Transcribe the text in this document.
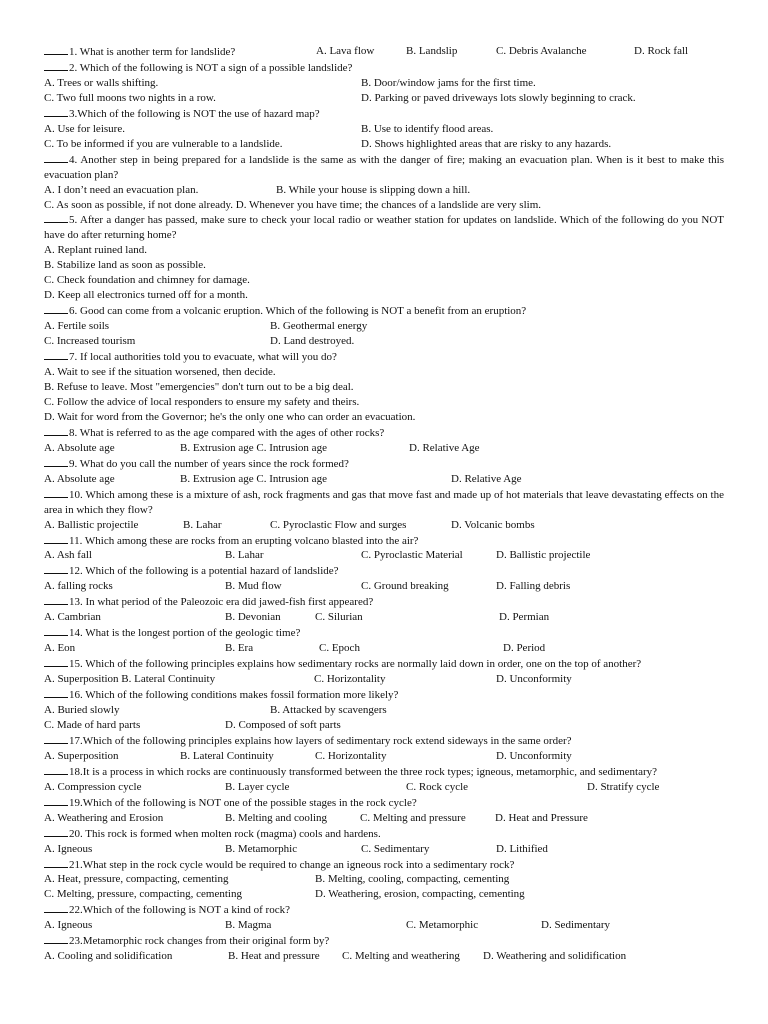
1. What is another term for landslide?	A. Lava flow	B. Landslip	C. Debris Avalanche	D. Rock fall
2. Which of the following is NOT a sign of a possible landslide?
A. Trees or walls shifting.	B. Door/window jams for the first time.
C. Two full moons two nights in a row.	D. Parking or paved driveways lots slowly beginning to crack.
3.Which of the following is NOT the use of hazard map?
A. Use for leisure.	B. Use to identify flood areas.
C. To be informed if you are vulnerable to a landslide.	D. Shows highlighted areas that are risky to any hazards.
4. Another step in being prepared for a landslide is the same as with the danger of fire; making an evacuation plan. When is it best to make this evacuation plan?
A. I don’t need an evacuation plan.	B. While your house is slipping down a hill.
C. As soon as possible, if not done already. D. Whenever you have time; the chances of a landslide are very slim.
5. After a danger has passed, make sure to check your local radio or weather station for updates on landslide. Which of the following do you NOT have do after returning home?
A. Replant ruined land.
B. Stabilize land as soon as possible.
C. Check foundation and chimney for damage.
D. Keep all electronics turned off for a month.
6. Good can come from a volcanic eruption. Which of the following is NOT a benefit from an eruption?
A. Fertile soils	B. Geothermal energy
C. Increased tourism	D. Land destroyed.
7. If local authorities told you to evacuate, what will you do?
A. Wait to see if the situation worsened, then decide.
B. Refuse to leave. Most "emergencies" don't turn out to be a big deal.
C. Follow the advice of local responders to ensure my safety and theirs.
D. Wait for word from the Governor; he's the only one who can order an evacuation.
8. What is referred to as the age compared with the ages of other rocks?
A. Absolute age	B. Extrusion age C. Intrusion age	D. Relative Age
9. What do you call the number of years since the rock formed?
A. Absolute age	B. Extrusion age C. Intrusion age	D. Relative Age
10. Which among these is a mixture of ash, rock fragments and gas that move fast and made up of hot materials that leave devastating effects on the area in which they flow?
A. Ballistic projectile	B. Lahar	C. Pyroclastic Flow and surges	D. Volcanic bombs
11. Which among these are rocks from an erupting volcano blasted into the air?
A. Ash fall	B. Lahar	C. Pyroclastic Material	D. Ballistic projectile
12. Which of the following is a potential hazard of landslide?
A. falling rocks	B. Mud flow	C. Ground breaking	D. Falling debris
13. In what period of the Paleozoic era did jawed-fish first appeared?
A. Cambrian	B. Devonian	C. Silurian	D. Permian
14. What is the longest portion of the geologic time?
A. Eon	B. Era	C. Epoch	D. Period
15. Which of the following principles explains how sedimentary rocks are normally laid down in order, one on the top of another?
A. Superposition B. Lateral Continuity	C. Horizontality	D. Unconformity
16. Which of the following conditions makes fossil formation more likely?
A. Buried slowly	B. Attacked by scavengers
C. Made of hard parts	D. Composed of soft parts
17.Which of the following principles explains how layers of sedimentary rock extend sideways in the same order?
A. Superposition	B. Lateral Continuity	C. Horizontality	D. Unconformity
18.It is a process in which rocks are continuously transformed between the three rock types; igneous, metamorphic, and sedimentary?
A. Compression cycle	B. Layer cycle	C. Rock cycle	D. Stratify cycle
19.Which of the following is NOT one of the possible stages in the rock cycle?
A. Weathering and Erosion	B. Melting and cooling	C. Melting and pressure	D. Heat and Pressure
20. This rock is formed when molten rock (magma) cools and hardens.
A. Igneous	B. Metamorphic	C. Sedimentary	D. Lithified
21.What step in the rock cycle would be required to change an igneous rock into a sedimentary rock?
A. Heat, pressure, compacting, cementing	B. Melting, cooling, compacting, cementing
C. Melting, pressure, compacting, cementing	D. Weathering, erosion, compacting, cementing
22.Which of the following is NOT a kind of rock?
A. Igneous	B. Magma	C. Metamorphic	D. Sedimentary
23.Metamorphic rock changes from their original form by?
A. Cooling and solidification	B. Heat and pressure	C. Melting and weathering	D. Weathering and solidification
